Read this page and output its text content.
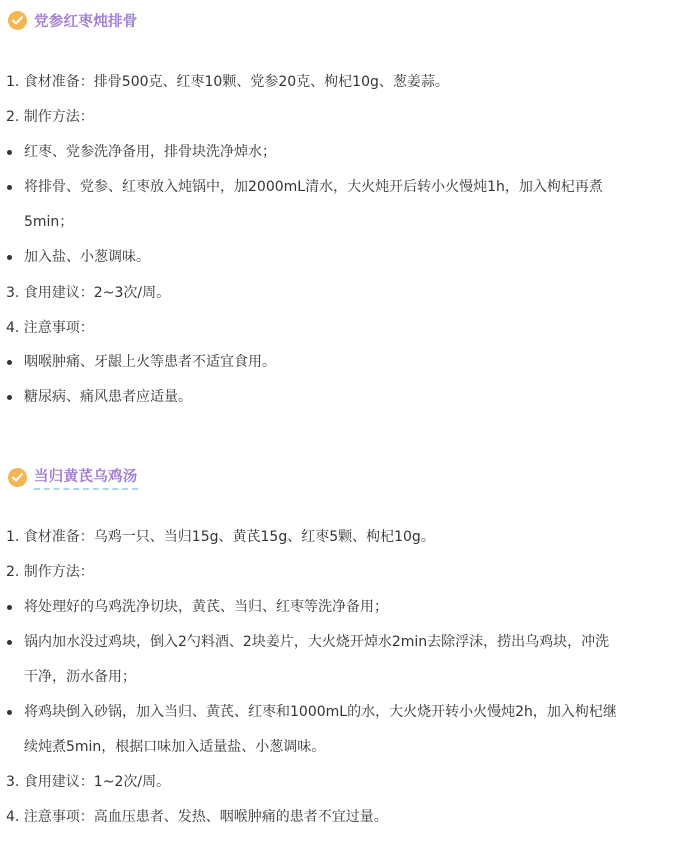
党参红枣炖排骨
1. 食材准备：排骨500克、红枣10颗、党参20克、枸杞10g、葱姜蒜。
2. 制作方法：
红枣、党参洗净备用，排骨块洗净焯水；
将排骨、党参、红枣放入炖锅中，加2000mL清水，大火炖开后转小火慢炖1h，加入枸杞再煮
5min；
加入盐、小葱调味。
3. 食用建议：2~3次/周。
4. 注意事项：
咽喉肿痛、牙龈上火等患者不适宜食用。
糖尿病、痛风患者应适量。
当归黄芪乌鸡汤
1. 食材准备：乌鸡一只、当归15g、黄芪15g、红枣5颗、枸杞10g。
2. 制作方法：
将处理好的乌鸡洗净切块，黄芪、当归、红枣等洗净备用；
锅内加水没过鸡块，倒入2勺料酒、2块姜片，大火烧开焯水2min去除浮沫，捞出乌鸡块，冲洗
干净，沥水备用；
将鸡块倒入砂锅，加入当归、黄芪、红枣和1000mL的水，大火烧开转小火慢炖2h，加入枸杞继
续炖煮5min，根据口味加入适量盐、小葱调味。
3. 食用建议：1~2次/周。
4. 注意事项：高血压患者、发热、咽喉肿痛的患者不宜过量。
